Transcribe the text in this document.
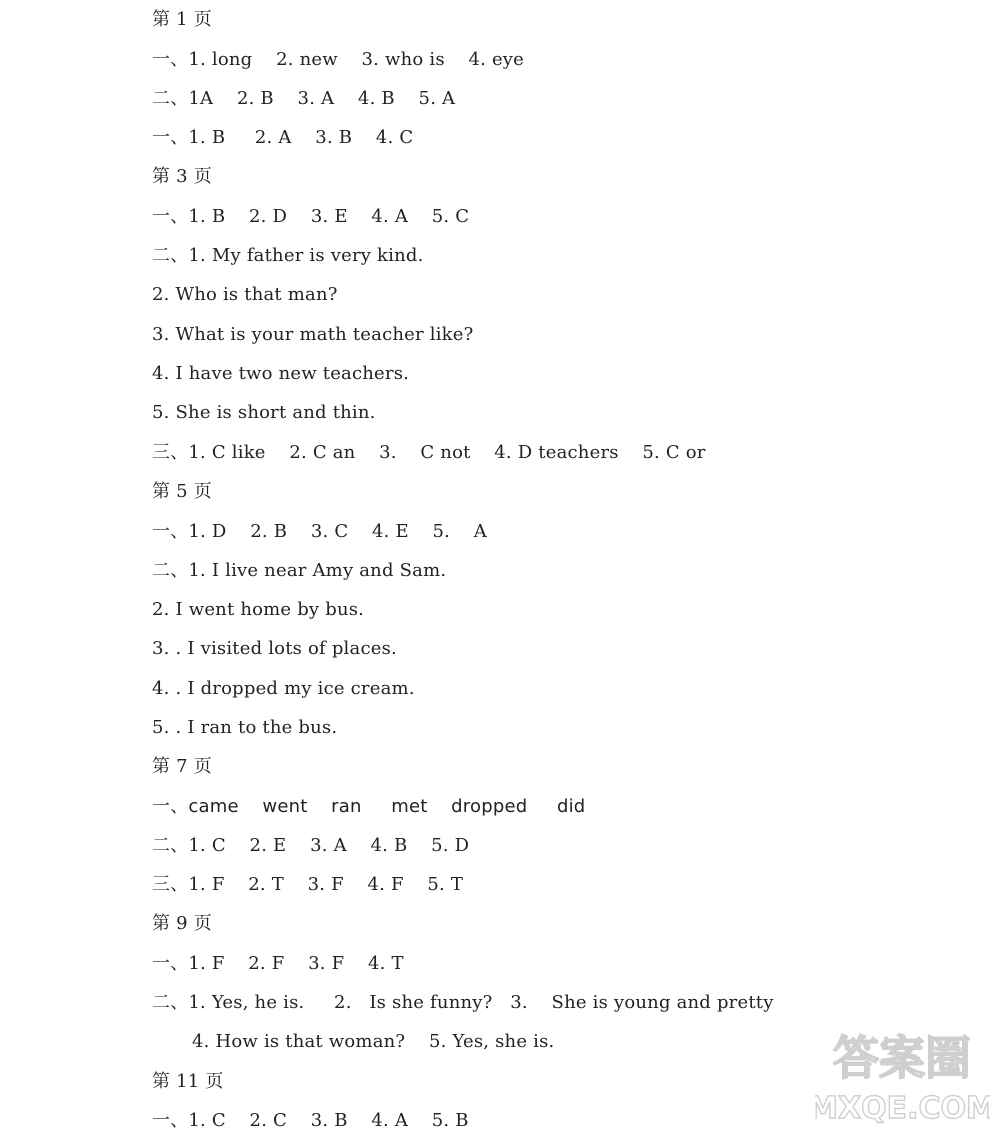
第 1 页
一、1. long    2. new    3. who is    4. eye
二、1A    2. B    3. A    4. B    5. A
一、1. B     2. A    3. B    4. C
第 3 页
一、1. B    2. D    3. E    4. A    5. C
二、1. My father is very kind.
2. Who is that man?
3. What is your math teacher like?
4. I have two new teachers.
5. She is short and thin.
三、1. C like    2. C an    3.    C not    4. D teachers    5. C or
第 5 页
一、1. D    2. B    3. C    4. E    5.    A
二、1. I live near Amy and Sam.
2. I went home by bus.
3. . I visited lots of places.
4. . I dropped my ice cream.
5. . I ran to the bus.
第 7 页
一、came    went    ran     met    dropped     did
二、1. C    2. E    3. A    4. B    5. D
三、1. F    2. T    3. F    4. F    5. T
第 9 页
一、1. F    2. F    3. F    4. T
二、1. Yes, he is.     2.   Is she funny?   3.    She is young and pretty
4. How is that woman?    5. Yes, she is.
第 11 页
一、1. C    2. C    3. B    4. A    5. B
答案圈
MXQE.COM
